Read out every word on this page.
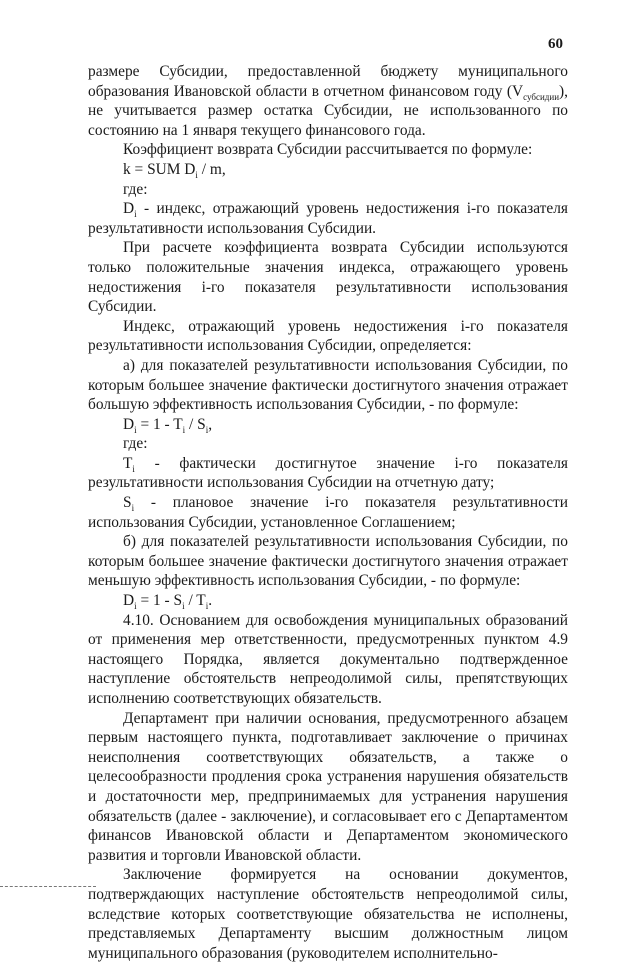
60

размере Субсидии, предоставленной бюджету муниципального образования Ивановской области в отчетном финансовом году $(V_{субсидии})$, не учитывается размер остатка Субсидии, не использованного по состоянию на 1 января текущего финансового года.

Коэффициент возврата Субсидии рассчитывается по формуле:

k = SUM $D_i$ / m,

где:

$D_i$ - индекс, отражающий уровень недостижения i-го показателя результативности использования Субсидии.

При расчете коэффициента возврата Субсидии используются только положительные значения индекса, отражающего уровень недостижения i-го показателя результативности использования Субсидии.

Индекс, отражающий уровень недостижения i-го показателя результативности использования Субсидии, определяется:

а) для показателей результативности использования Субсидии, по которым большее значение фактически достигнутого значения отражает большую эффективность использования Субсидии, - по формуле:

$D_i = 1 - T_i / S_i$,

где:

$T_i$ - фактически достигнутое значение i-го показателя результативности использования Субсидии на отчетную дату;

$S_i$ - плановое значение i-го показателя результативности использования Субсидии, установленное Соглашением;

б) для показателей результативности использования Субсидии, по которым большее значение фактически достигнутого значения отражает меньшую эффективность использования Субсидии, - по формуле:

$D_i = 1 - S_i / T_i$.

4.10. Основанием для освобождения муниципальных образований от применения мер ответственности, предусмотренных пунктом 4.9 настоящего Порядка, является документально подтвержденное наступление обстоятельств непреодолимой силы, препятствующих исполнению соответствующих обязательств.

Департамент при наличии основания, предусмотренного абзацем первым настоящего пункта, подготавливает заключение о причинах неисполнения соответствующих обязательств, а также о целесообразности продления срока устранения нарушения обязательств и достаточности мер, предпринимаемых для устранения нарушения обязательств (далее - заключение), и согласовывает его с Департаментом финансов Ивановской области и Департаментом экономического развития и торговли Ивановской области.

Заключение формируется на основании документов, подтверждающих наступление обстоятельств непреодолимой силы, вследствие которых соответствующие обязательства не исполнены, представляемых Департаменту высшим должностным лицом муниципального образования (руководителем исполнительно-
